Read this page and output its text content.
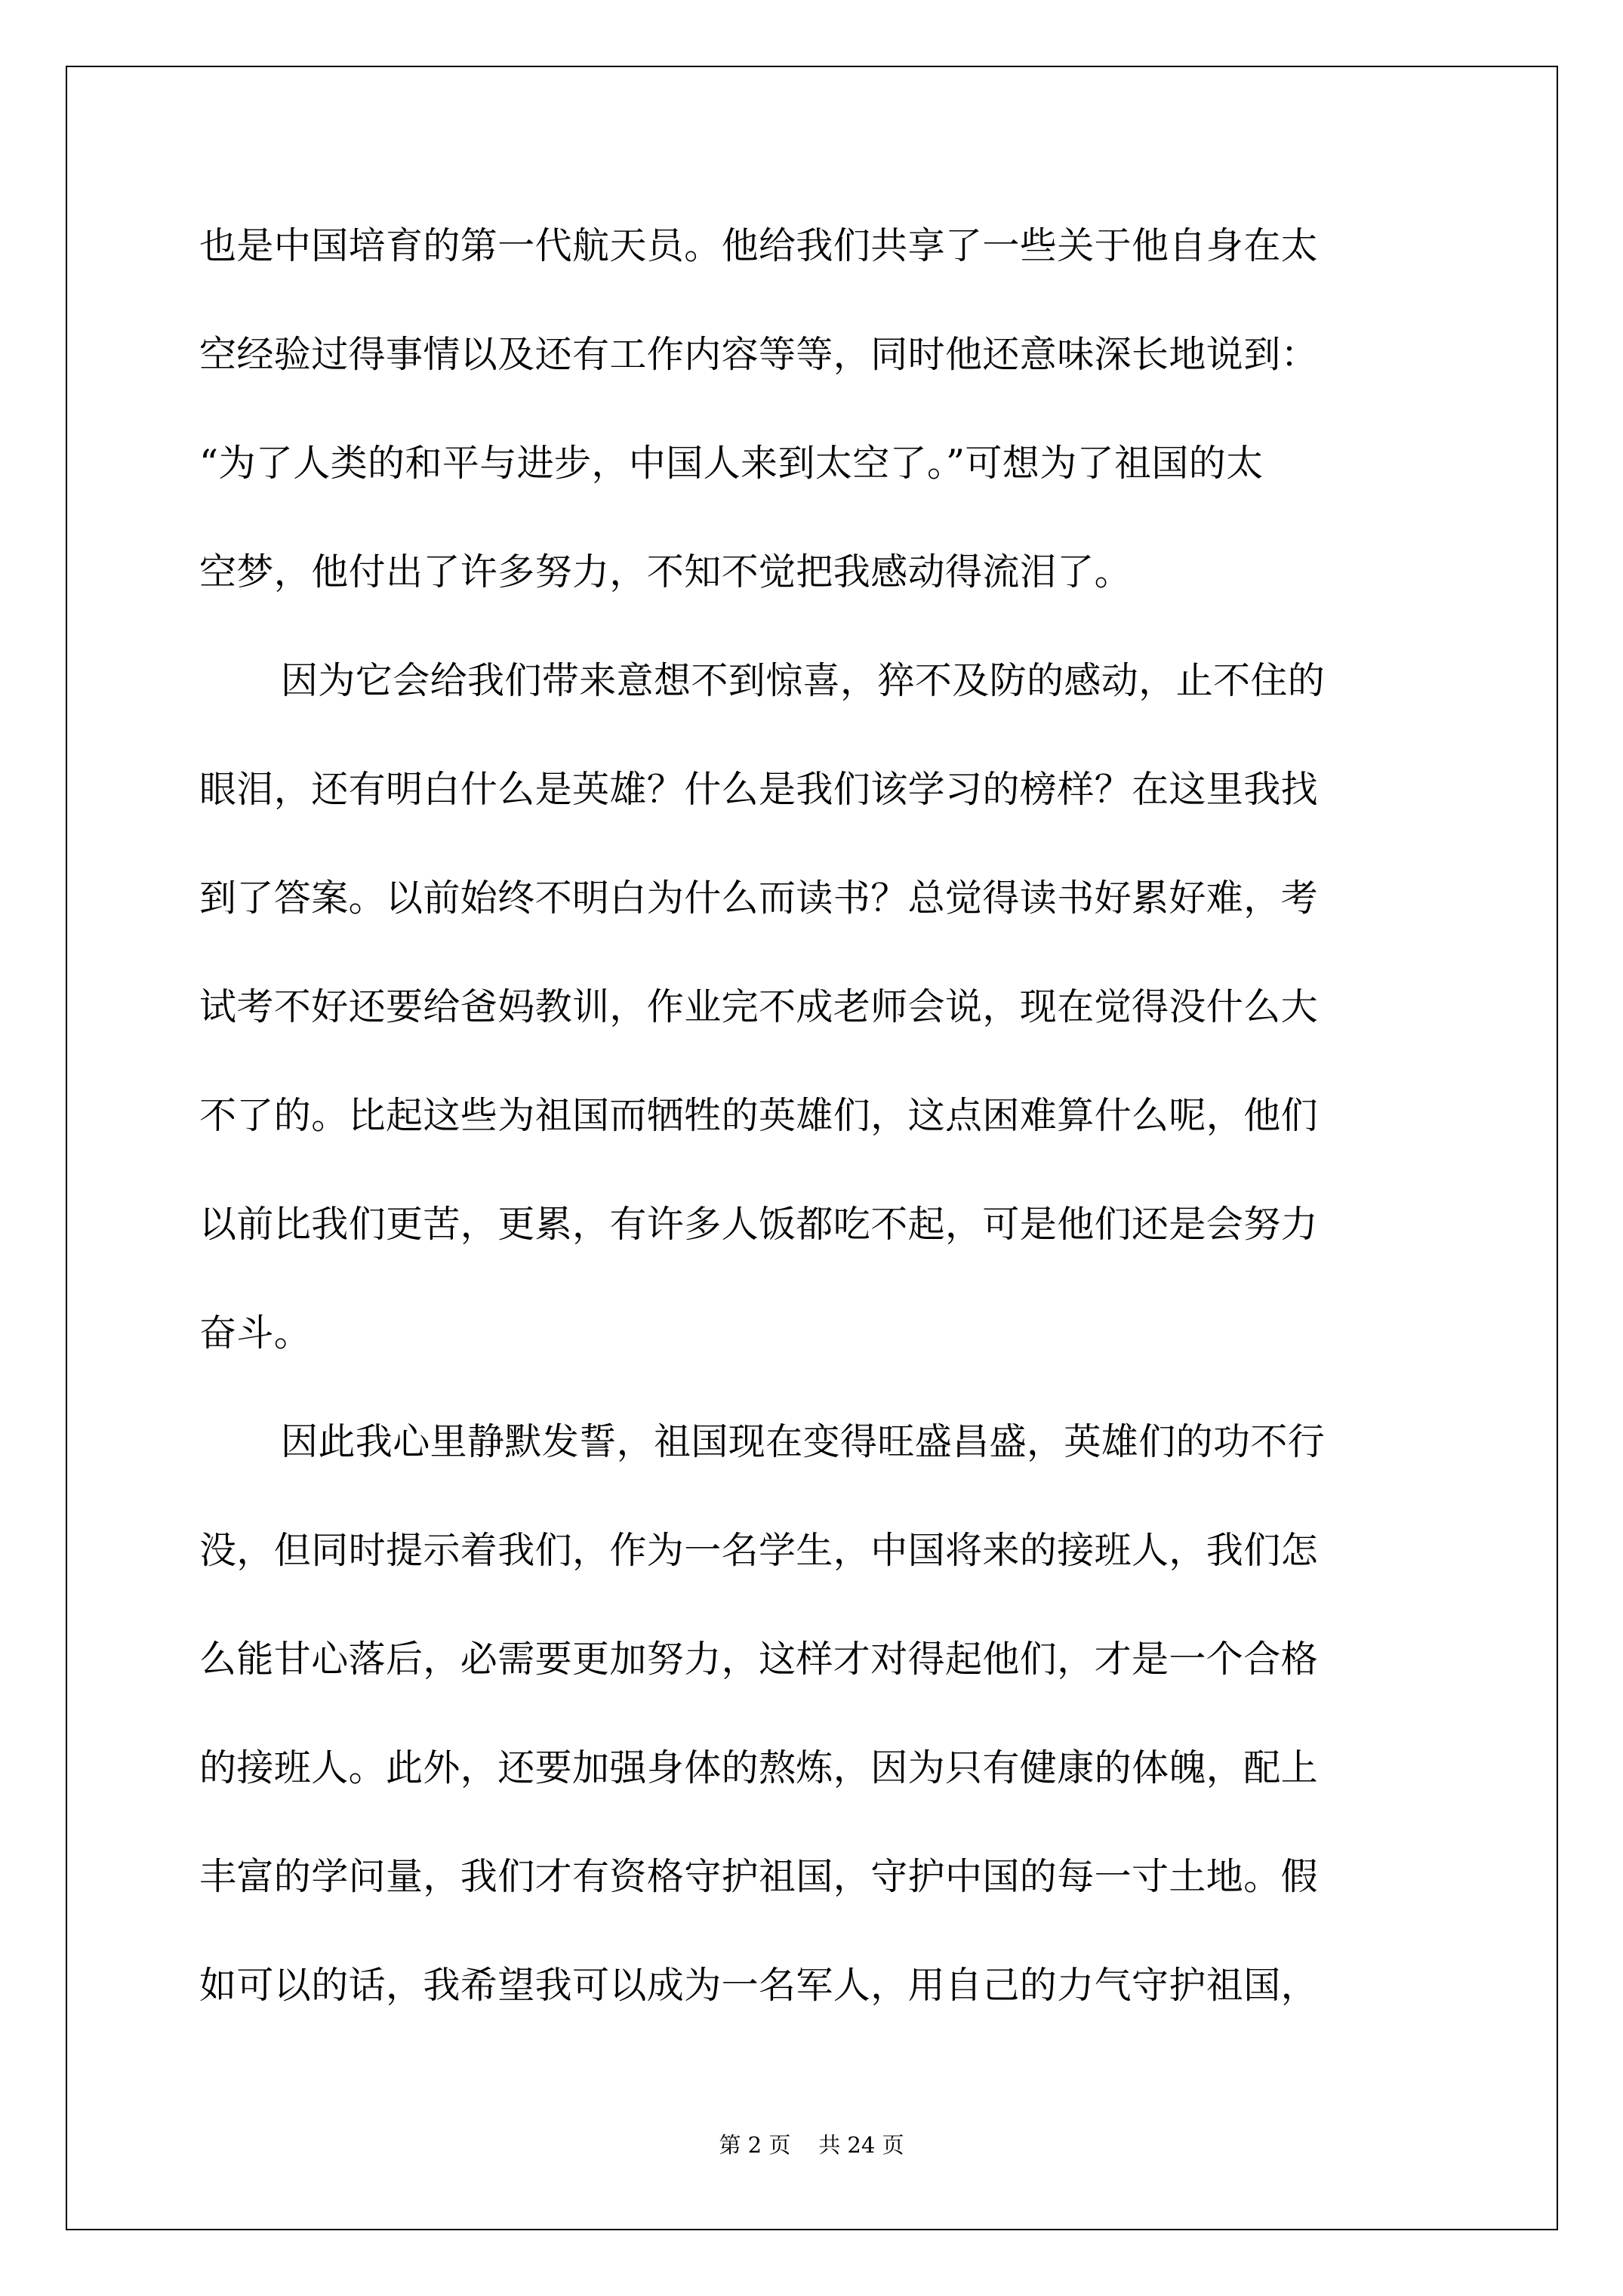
也是中国培育的第一代航天员。他给我们共享了一些关于他自身在太
空经验过得事情以及还有工作内容等等，同时他还意味深长地说到：
“为了人类的和平与进步，中国人来到太空了。”可想为了祖国的太
空梦，他付出了许多努力，不知不觉把我感动得流泪了。
因为它会给我们带来意想不到惊喜，猝不及防的感动，止不住的
眼泪，还有明白什么是英雄？什么是我们该学习的榜样？在这里我找
到了答案。以前始终不明白为什么而读书？总觉得读书好累好难，考
试考不好还要给爸妈教训，作业完不成老师会说，现在觉得没什么大
不了的。比起这些为祖国而牺牲的英雄们，这点困难算什么呢，他们
以前比我们更苦，更累，有许多人饭都吃不起，可是他们还是会努力
奋斗。
因此我心里静默发誓，祖国现在变得旺盛昌盛，英雄们的功不行
没，但同时提示着我们，作为一名学生，中国将来的接班人，我们怎
么能甘心落后，必需要更加努力，这样才对得起他们，才是一个合格
的接班人。此外，还要加强身体的熬炼，因为只有健康的体魄，配上
丰富的学问量，我们才有资格守护祖国，守护中国的每一寸土地。假
如可以的话，我希望我可以成为一名军人，用自己的力气守护祖国，
第 2 页    共 24 页
